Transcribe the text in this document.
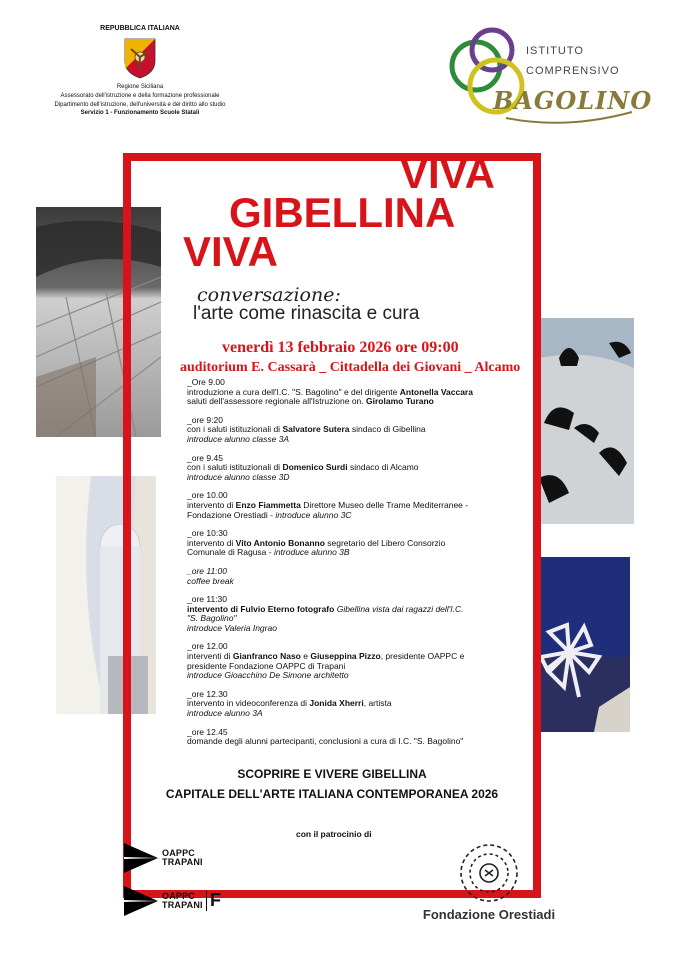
REPUBBLICA ITALIANA
Regione Siciliana
Assessorato dell'istruzione e della formazione professionale
Dipartimento dell'istruzione, dell'università e del diritto allo studio
Servizio 1 - Funzionamento Scuole Statali
ISTITUTO
COMPRENSIVO
BAGOLINO
VIVA
GIBELLINA
VIVA
conversazione:
l'arte come rinascita e cura
venerdì 13 febbraio 2026 ore 09:00
auditorium E. Cassarà _ Cittadella dei Giovani _ Alcamo
_Ore 9.00
introduzione a cura dell'I.C. "S. Bagolino" e del dirigente Antonella Vaccara
saluti dell'assessore regionale all'Istruzione on. Girolamo Turano
_ore 9:20
con i saluti istituzionali di Salvatore Sutera sindaco di Gibellina
introduce alunno classe 3A
_ore 9.45
con i saluti istituzionali di Domenico Surdi sindaco di Alcamo
introduce alunno classe 3D
_ore 10.00
intervento di Enzo Fiammetta Direttore Museo delle Trame Mediterranee -
Fondazione Orestiadi - introduce alunno 3C
_ore 10:30
intervento di Vito Antonio Bonanno segretario del Libero Consorzio
Comunale di Ragusa - introduce alunno 3B
_ore 11:00
coffee break
_ore 11:30
intervento di Fulvio Eterno fotografo Gibellina vista dai ragazzi dell'I.C.
"S. Bagolino"
introduce Valeria Ingrao
_ore 12.00
interventi di Gianfranco Naso e Giuseppina Pizzo, presidente OAPPC e
presidente Fondazione OAPPC di Trapani
introduce Gioacchino De Simone architetto
_ore 12.30
intervento in videoconferenza di Jonida Xherri, artista
introduce alunno 3A
_ore 12.45
domande degli alunni partecipanti, conclusioni a cura di I.C. "S. Bagolino"
SCOPRIRE E VIVERE GIBELLINA
CAPITALE DELL'ARTE ITALIANA CONTEMPORANEA 2026
con il patrocinio di
OAPPC
TRAPANI
OAPPC
TRAPANI F
Fondazione Orestiadi
